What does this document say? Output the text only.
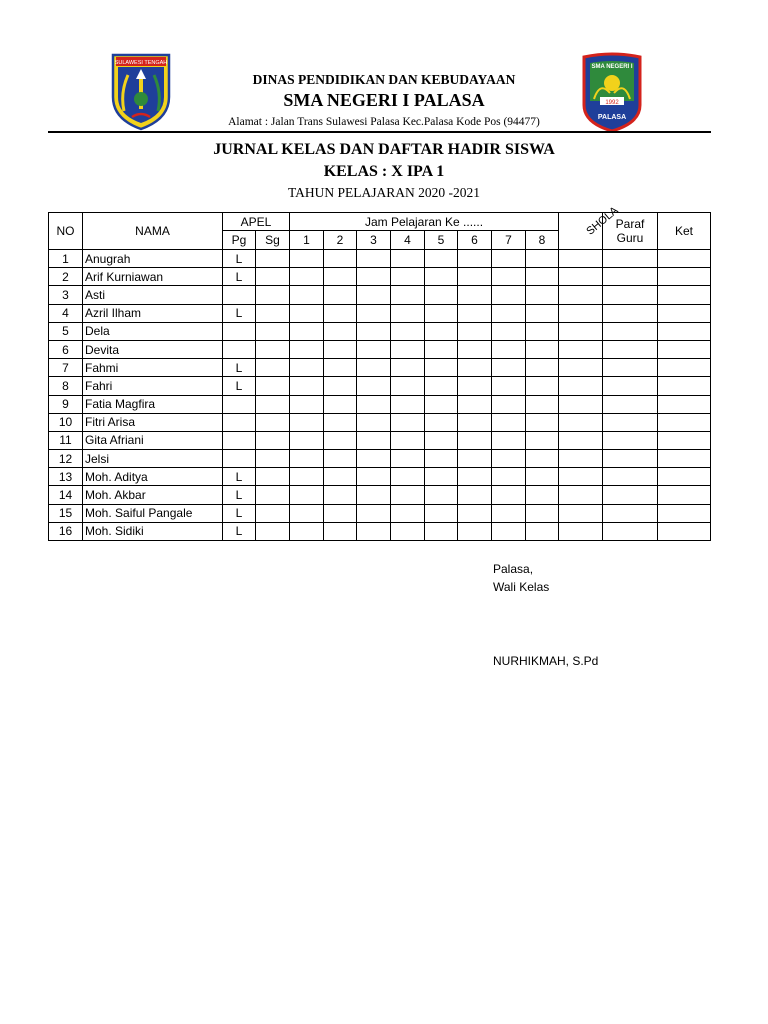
SULAWESI TENGAH
SMA NEGERI I
1992
PALASA
DINAS PENDIDIKAN DAN KEBUDAYAAN
SMA NEGERI I PALASA
Alamat : Jalan Trans Sulawesi Palasa Kec.Palasa Kode Pos (94477)
JURNAL KELAS DAN DAFTAR HADIR SISWA
KELAS : X IPA 1
TAHUN PELAJARAN 2020 -2021
NO	NAMA	APEL		Jam Pelajaran Ke ......								SHOLA	Paraf Guru	Ket
		Pg	Sg	1	2	3	4	5	6	7	8			
1	Anugrah	L												
2	Arif Kurniawan	L												
3	Asti													
4	Azril Ilham	L												
5	Dela													
6	Devita													
7	Fahmi	L												
8	Fahri	L												
9	Fatia Magfira													
10	Fitri Arisa													
11	Gita Afriani													
12	Jelsi													
13	Moh. Aditya	L												
14	Moh. Akbar	L												
15	Moh. Saiful Pangale	L												
16	Moh. Sidiki	L												
Palasa,
Wali Kelas
NURHIKMAH, S.Pd
